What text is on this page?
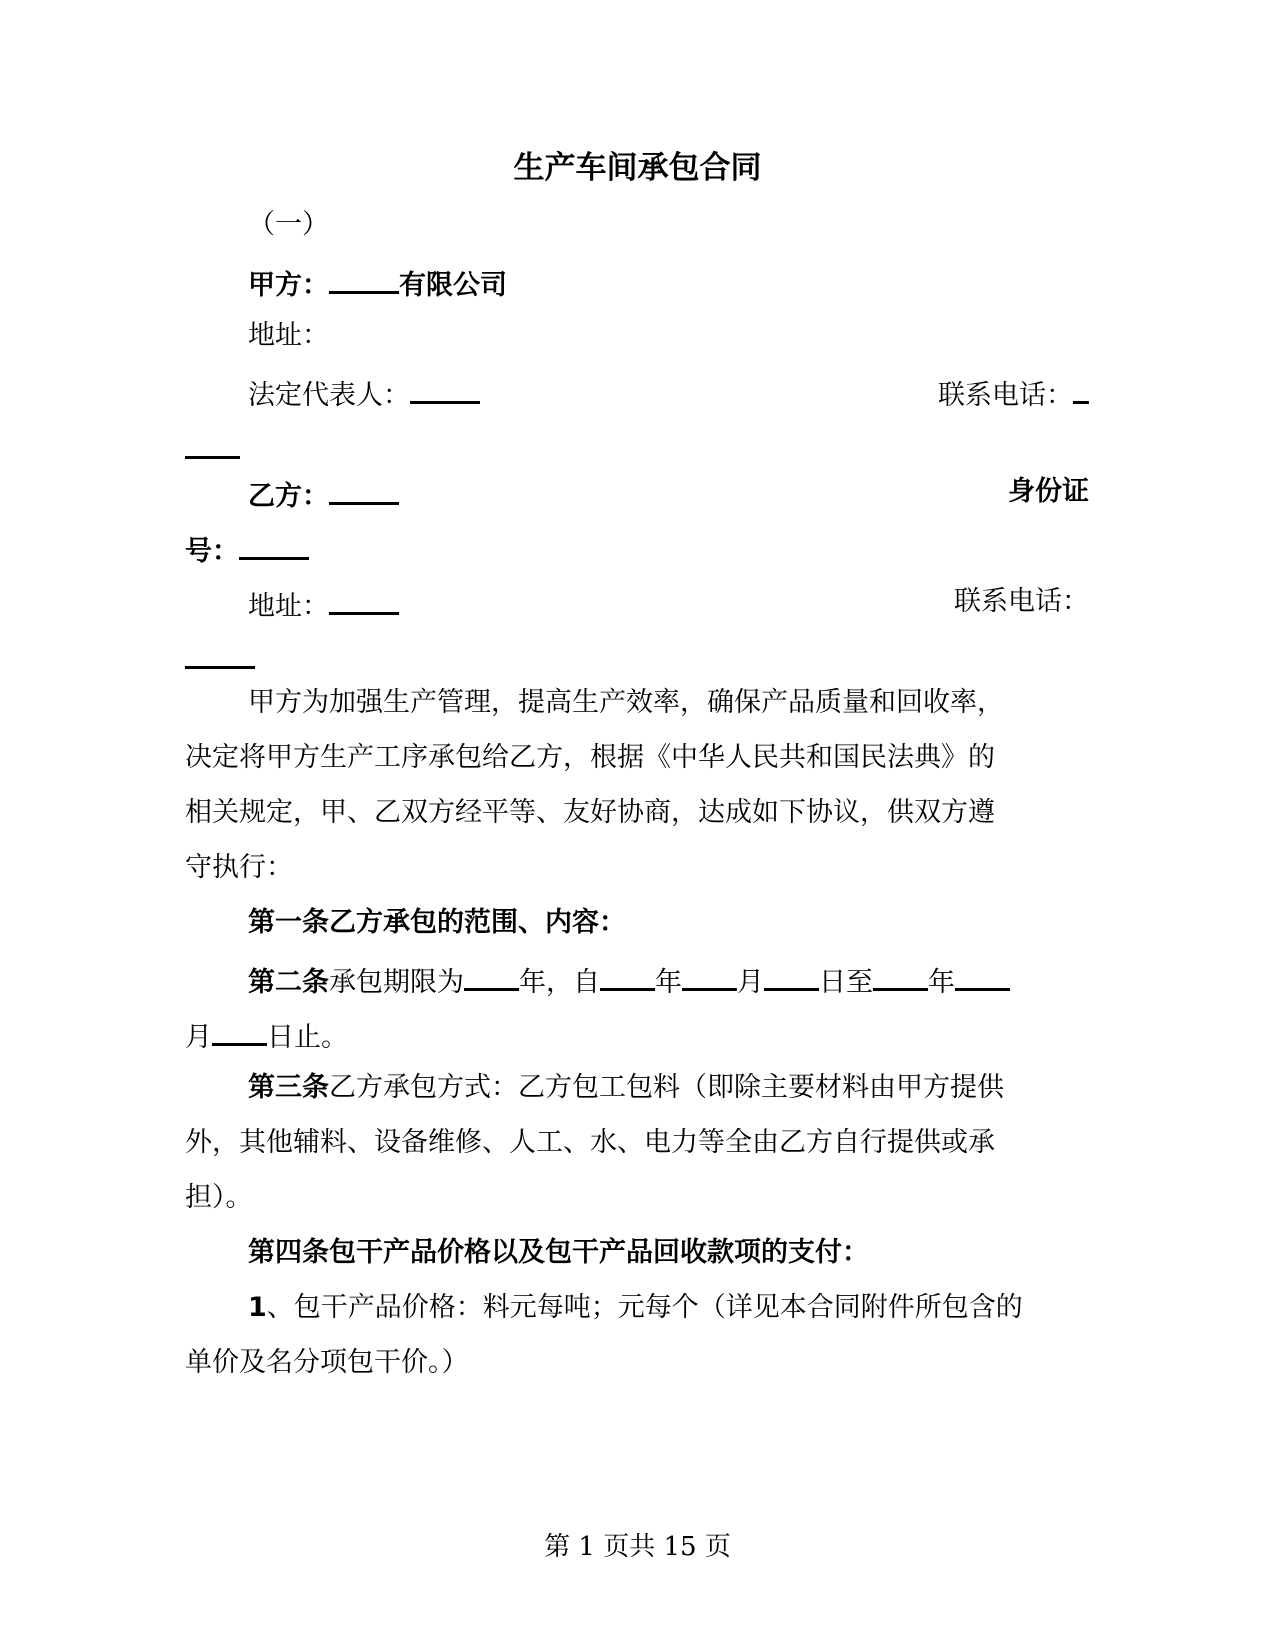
生产车间承包合同
（一）
甲方：	有限公司
地址：
法定代表人：	联系电话：
乙方：	身份证
号：
地址：	联系电话：
甲方为加强生产管理，提高生产效率，确保产品质量和回收率，
决定将甲方生产工序承包给乙方，根据《中华人民共和国民法典》的
相关规定，甲、乙双方经平等、友好协商，达成如下协议，供双方遵
守执行：
第一条乙方承包的范围、内容：
第二条承包期限为 年，自 年 月 日至 年
月 日止。
第三条乙方承包方式：乙方包工包料（即除主要材料由甲方提供
外，其他辅料、设备维修、人工、水、电力等全由乙方自行提供或承
担）。
第四条包干产品价格以及包干产品回收款项的支付：
1、包干产品价格：料元每吨；元每个（详见本合同附件所包含的
单价及名分项包干价。）
第 1 页共 15 页
